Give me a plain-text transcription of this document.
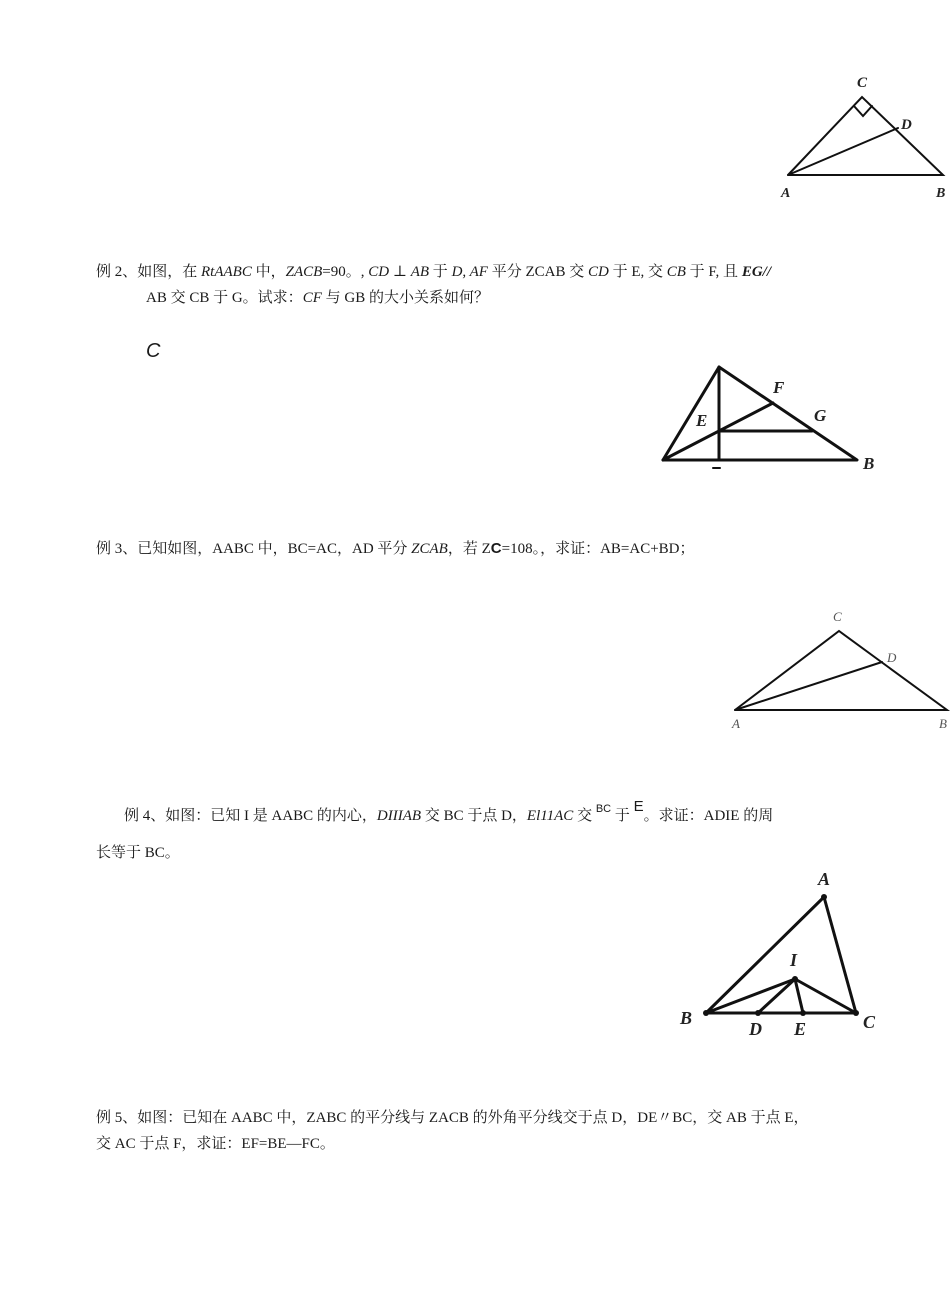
C
D
A	B
例 2、如图，在 RtAABC 中，ZACB=90。, CD ⊥ AB 于 D, AF 平分 ZCAB 交 CD 于 E, 交 CB 于 F, 且 EG//
AB 交 CB 于 G。试求：CF 与 GB 的大小关系如何？
C
F
G
E
B
例 3、已知如图，AABC 中，BC=AC，AD 平分 ZCAB，若 ZC=108。，求证：AB=AC+BD；
C
D
A	B
例 4、如图：已知 I 是 AABC 的内心，DIIIAB 交 BC 于点 D，El11AC 交 $^{BC}$ 于 E。求证：ADIE 的周
长等于 BC。
A
I
B
D E	C
例 5、如图：已知在 AABC 中，ZABC 的平分线与 ZACB 的外角平分线交于点 D，DE〃BC，交 AB 于点 E，
交 AC 于点 F，求证：EF=BE—FC。
